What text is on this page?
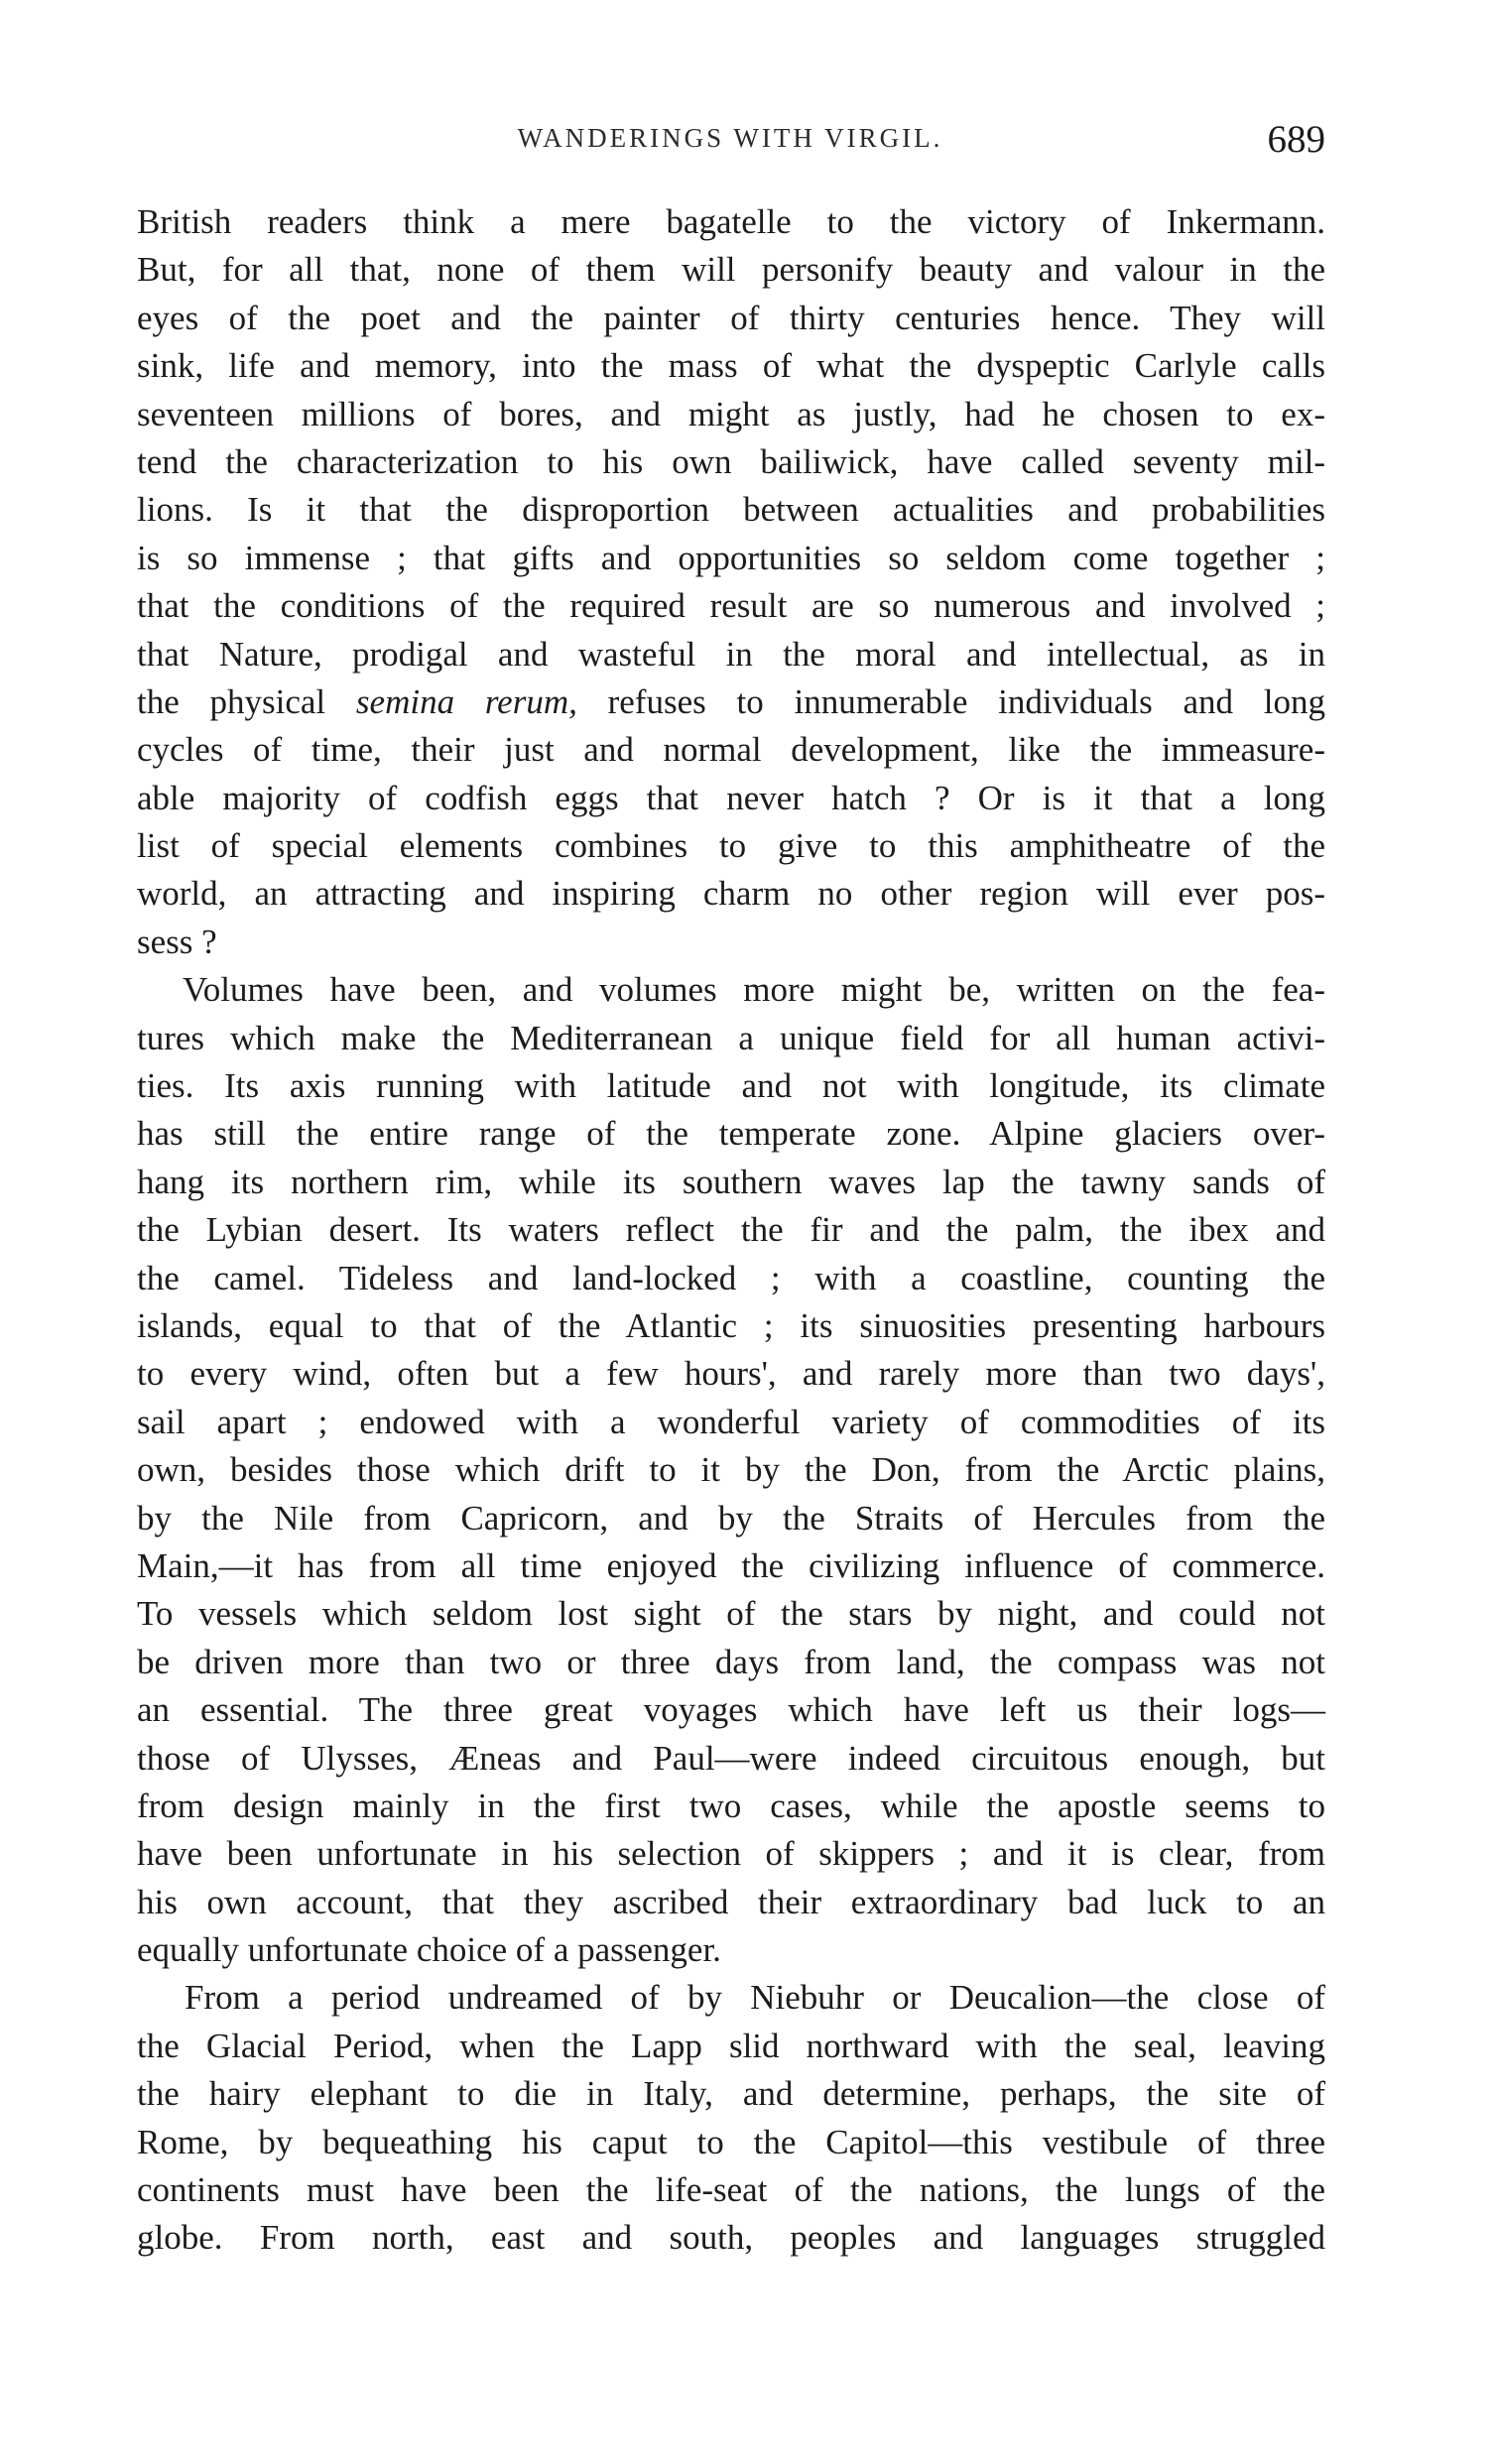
WANDERINGS WITH VIRGIL.	689
British readers think a mere bagatelle to the victory of Inkermann.
But, for all that, none of them will personify beauty and valour in the
eyes of the poet and the painter of thirty centuries hence. They will
sink, life and memory, into the mass of what the dyspeptic Carlyle calls
seventeen millions of bores, and might as justly, had he chosen to ex-
tend the characterization to his own bailiwick, have called seventy mil-
lions. Is it that the disproportion between actualities and probabilities
is so immense ; that gifts and opportunities so seldom come together ;
that the conditions of the required result are so numerous and involved ;
that Nature, prodigal and wasteful in the moral and intellectual, as in
the physical semina rerum, refuses to innumerable individuals and long
cycles of time, their just and normal development, like the immeasure-
able majority of codfish eggs that never hatch ? Or is it that a long
list of special elements combines to give to this amphitheatre of the
world, an attracting and inspiring charm no other region will ever pos-
sess ?
Volumes have been, and volumes more might be, written on the fea-
tures which make the Mediterranean a unique field for all human activi-
ties. Its axis running with latitude and not with longitude, its climate
has still the entire range of the temperate zone. Alpine glaciers over-
hang its northern rim, while its southern waves lap the tawny sands of
the Lybian desert. Its waters reflect the fir and the palm, the ibex and
the camel. Tideless and land-locked ; with a coastline, counting the
islands, equal to that of the Atlantic ; its sinuosities presenting harbours
to every wind, often but a few hours', and rarely more than two days',
sail apart ; endowed with a wonderful variety of commodities of its
own, besides those which drift to it by the Don, from the Arctic plains,
by the Nile from Capricorn, and by the Straits of Hercules from the
Main,—it has from all time enjoyed the civilizing influence of commerce.
To vessels which seldom lost sight of the stars by night, and could not
be driven more than two or three days from land, the compass was not
an essential. The three great voyages which have left us their logs—
those of Ulysses, Æneas and Paul—were indeed circuitous enough, but
from design mainly in the first two cases, while the apostle seems to
have been unfortunate in his selection of skippers ; and it is clear, from
his own account, that they ascribed their extraordinary bad luck to an
equally unfortunate choice of a passenger.
From a period undreamed of by Niebuhr or Deucalion—the close of
the Glacial Period, when the Lapp slid northward with the seal, leaving
the hairy elephant to die in Italy, and determine, perhaps, the site of
Rome, by bequeathing his caput to the Capitol—this vestibule of three
continents must have been the life-seat of the nations, the lungs of the
globe. From north, east and south, peoples and languages struggled
